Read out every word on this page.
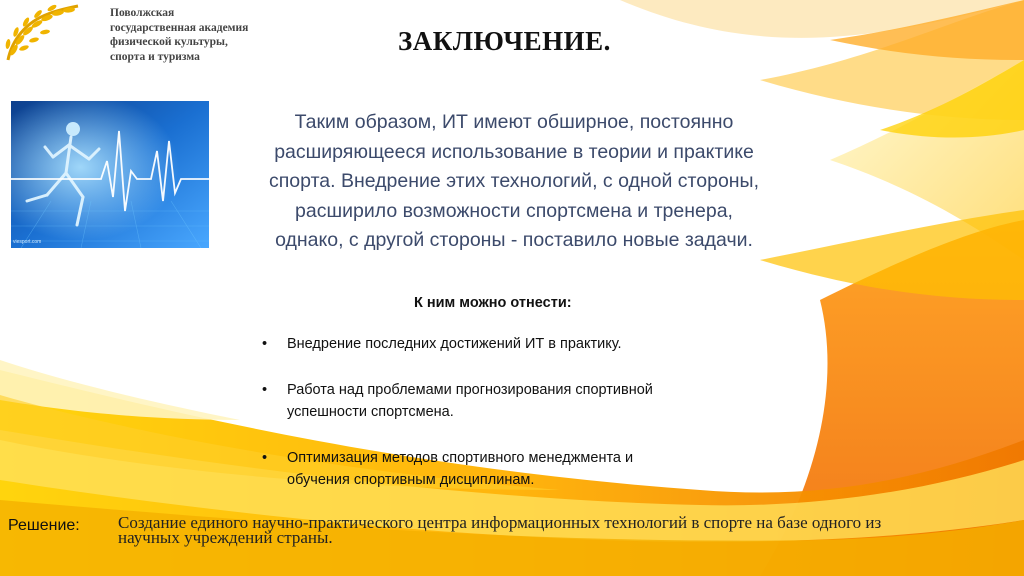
Поволжская
государственная академия
физической культуры,
спорта и туризма
ЗАКЛЮЧЕНИЕ.
viesport.com
Таким образом, ИТ имеют обширное, постоянно
расширяющееся использование в теории и практике
спорта. Внедрение этих технологий, с одной стороны,
расширило возможности спортсмена и тренера,
однако, с другой стороны - поставило новые задачи.
К ним можно отнести:
• Внедрение последних достижений ИТ в практику.
• Работа над проблемами прогнозирования спортивной
успешности спортсмена.
• Оптимизация методов спортивного менеджмента и
обучения спортивным дисциплинам.
Решение: Создание единого научно-практического центра информационных технологий в спорте на базе одного из
научных учреждений страны.
